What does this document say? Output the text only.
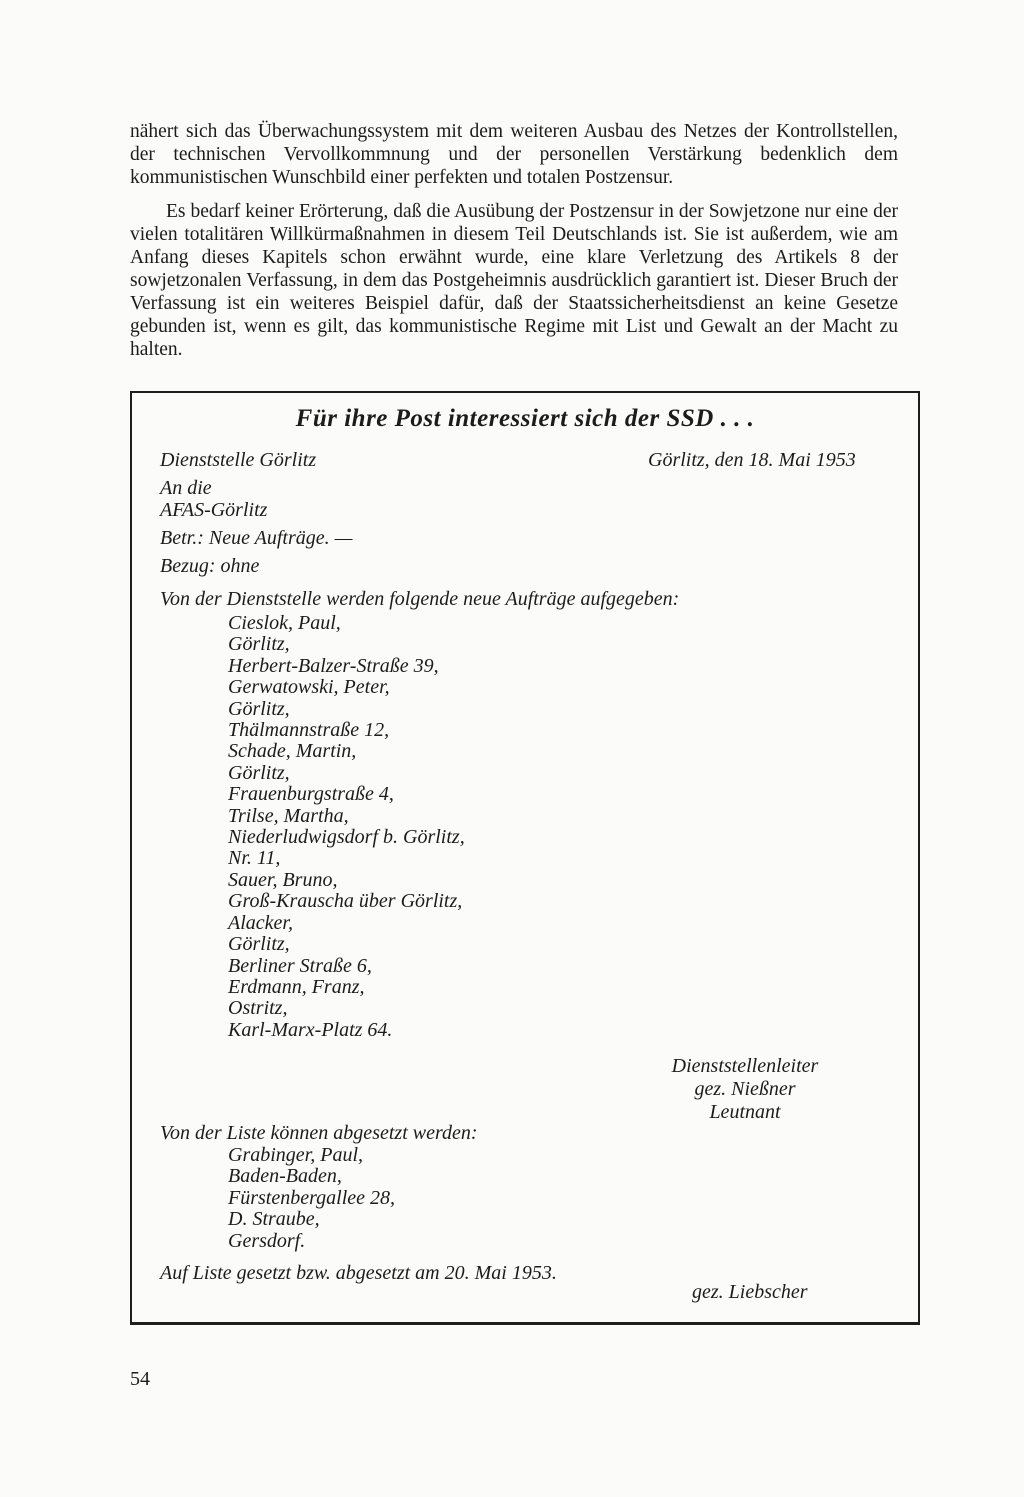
nähert sich das Überwachungssystem mit dem weiteren Ausbau des Netzes der Kontrollstellen, der technischen Vervollkommnung und der personellen Verstärkung bedenklich dem kommunistischen Wunschbild einer perfekten und totalen Postzensur.

Es bedarf keiner Erörterung, daß die Ausübung der Postzensur in der Sowjetzone nur eine der vielen totalitären Willkürmaßnahmen in diesem Teil Deutschlands ist. Sie ist außerdem, wie am Anfang dieses Kapitels schon erwähnt wurde, eine klare Verletzung des Artikels 8 der sowjetzonalen Verfassung, in dem das Postgeheimnis ausdrücklich garantiert ist. Dieser Bruch der Verfassung ist ein weiteres Beispiel dafür, daß der Staatssicherheitsdienst an keine Gesetze gebunden ist, wenn es gilt, das kommunistische Regime mit List und Gewalt an der Macht zu halten.

Für ihre Post interessiert sich der SSD . . .
Dienststelle Görlitz	Görlitz, den 18. Mai 1953
An die
AFAS-Görlitz
Betr.: Neue Aufträge. —
Bezug: ohne
Von der Dienststelle werden folgende neue Aufträge aufgegeben:
Cieslok, Paul,
Görlitz,
Herbert-Balzer-Straße 39,
Gerwatowski, Peter,
Görlitz,
Thälmannstraße 12,
Schade, Martin,
Görlitz,
Frauenburgstraße 4,
Trilse, Martha,
Niederludwigsdorf b. Görlitz,
Nr. 11,
Sauer, Bruno,
Groß-Krauscha über Görlitz,
Alacker,
Görlitz,
Berliner Straße 6,
Erdmann, Franz,
Ostritz,
Karl-Marx-Platz 64.
Dienststellenleiter
gez. Nießner
Leutnant
Von der Liste können abgesetzt werden:
Grabinger, Paul,
Baden-Baden,
Fürstenbergallee 28,
D. Straube,
Gersdorf.
Auf Liste gesetzt bzw. abgesetzt am 20. Mai 1953.
gez. Liebscher
54
